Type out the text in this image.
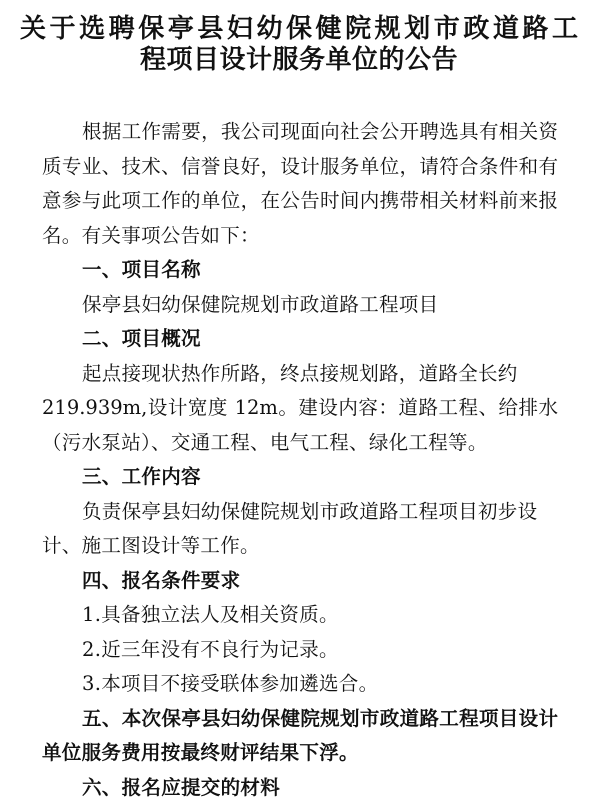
关于选聘保亭县妇幼保健院规划市政道路工
程项目设计服务单位的公告
根据工作需要，我公司现面向社会公开聘选具有相关资
质专业、技术、信誉良好，设计服务单位，请符合条件和有
意参与此项工作的单位，在公告时间内携带相关材料前来报
名。有关事项公告如下：
一、项目名称
保亭县妇幼保健院规划市政道路工程项目
二、项目概况
起点接现状热作所路，终点接规划路，道路全长约
219.939m,设计宽度 12m。建设内容：道路工程、给排水
（污水泵站）、交通工程、电气工程、绿化工程等。
三、工作内容
负责保亭县妇幼保健院规划市政道路工程项目初步设
计、施工图设计等工作。
四、报名条件要求
1.具备独立法人及相关资质。
2.近三年没有不良行为记录。
3.本项目不接受联体参加遴选合。
五、本次保亭县妇幼保健院规划市政道路工程项目设计
单位服务费用按最终财评结果下浮。
六、报名应提交的材料
